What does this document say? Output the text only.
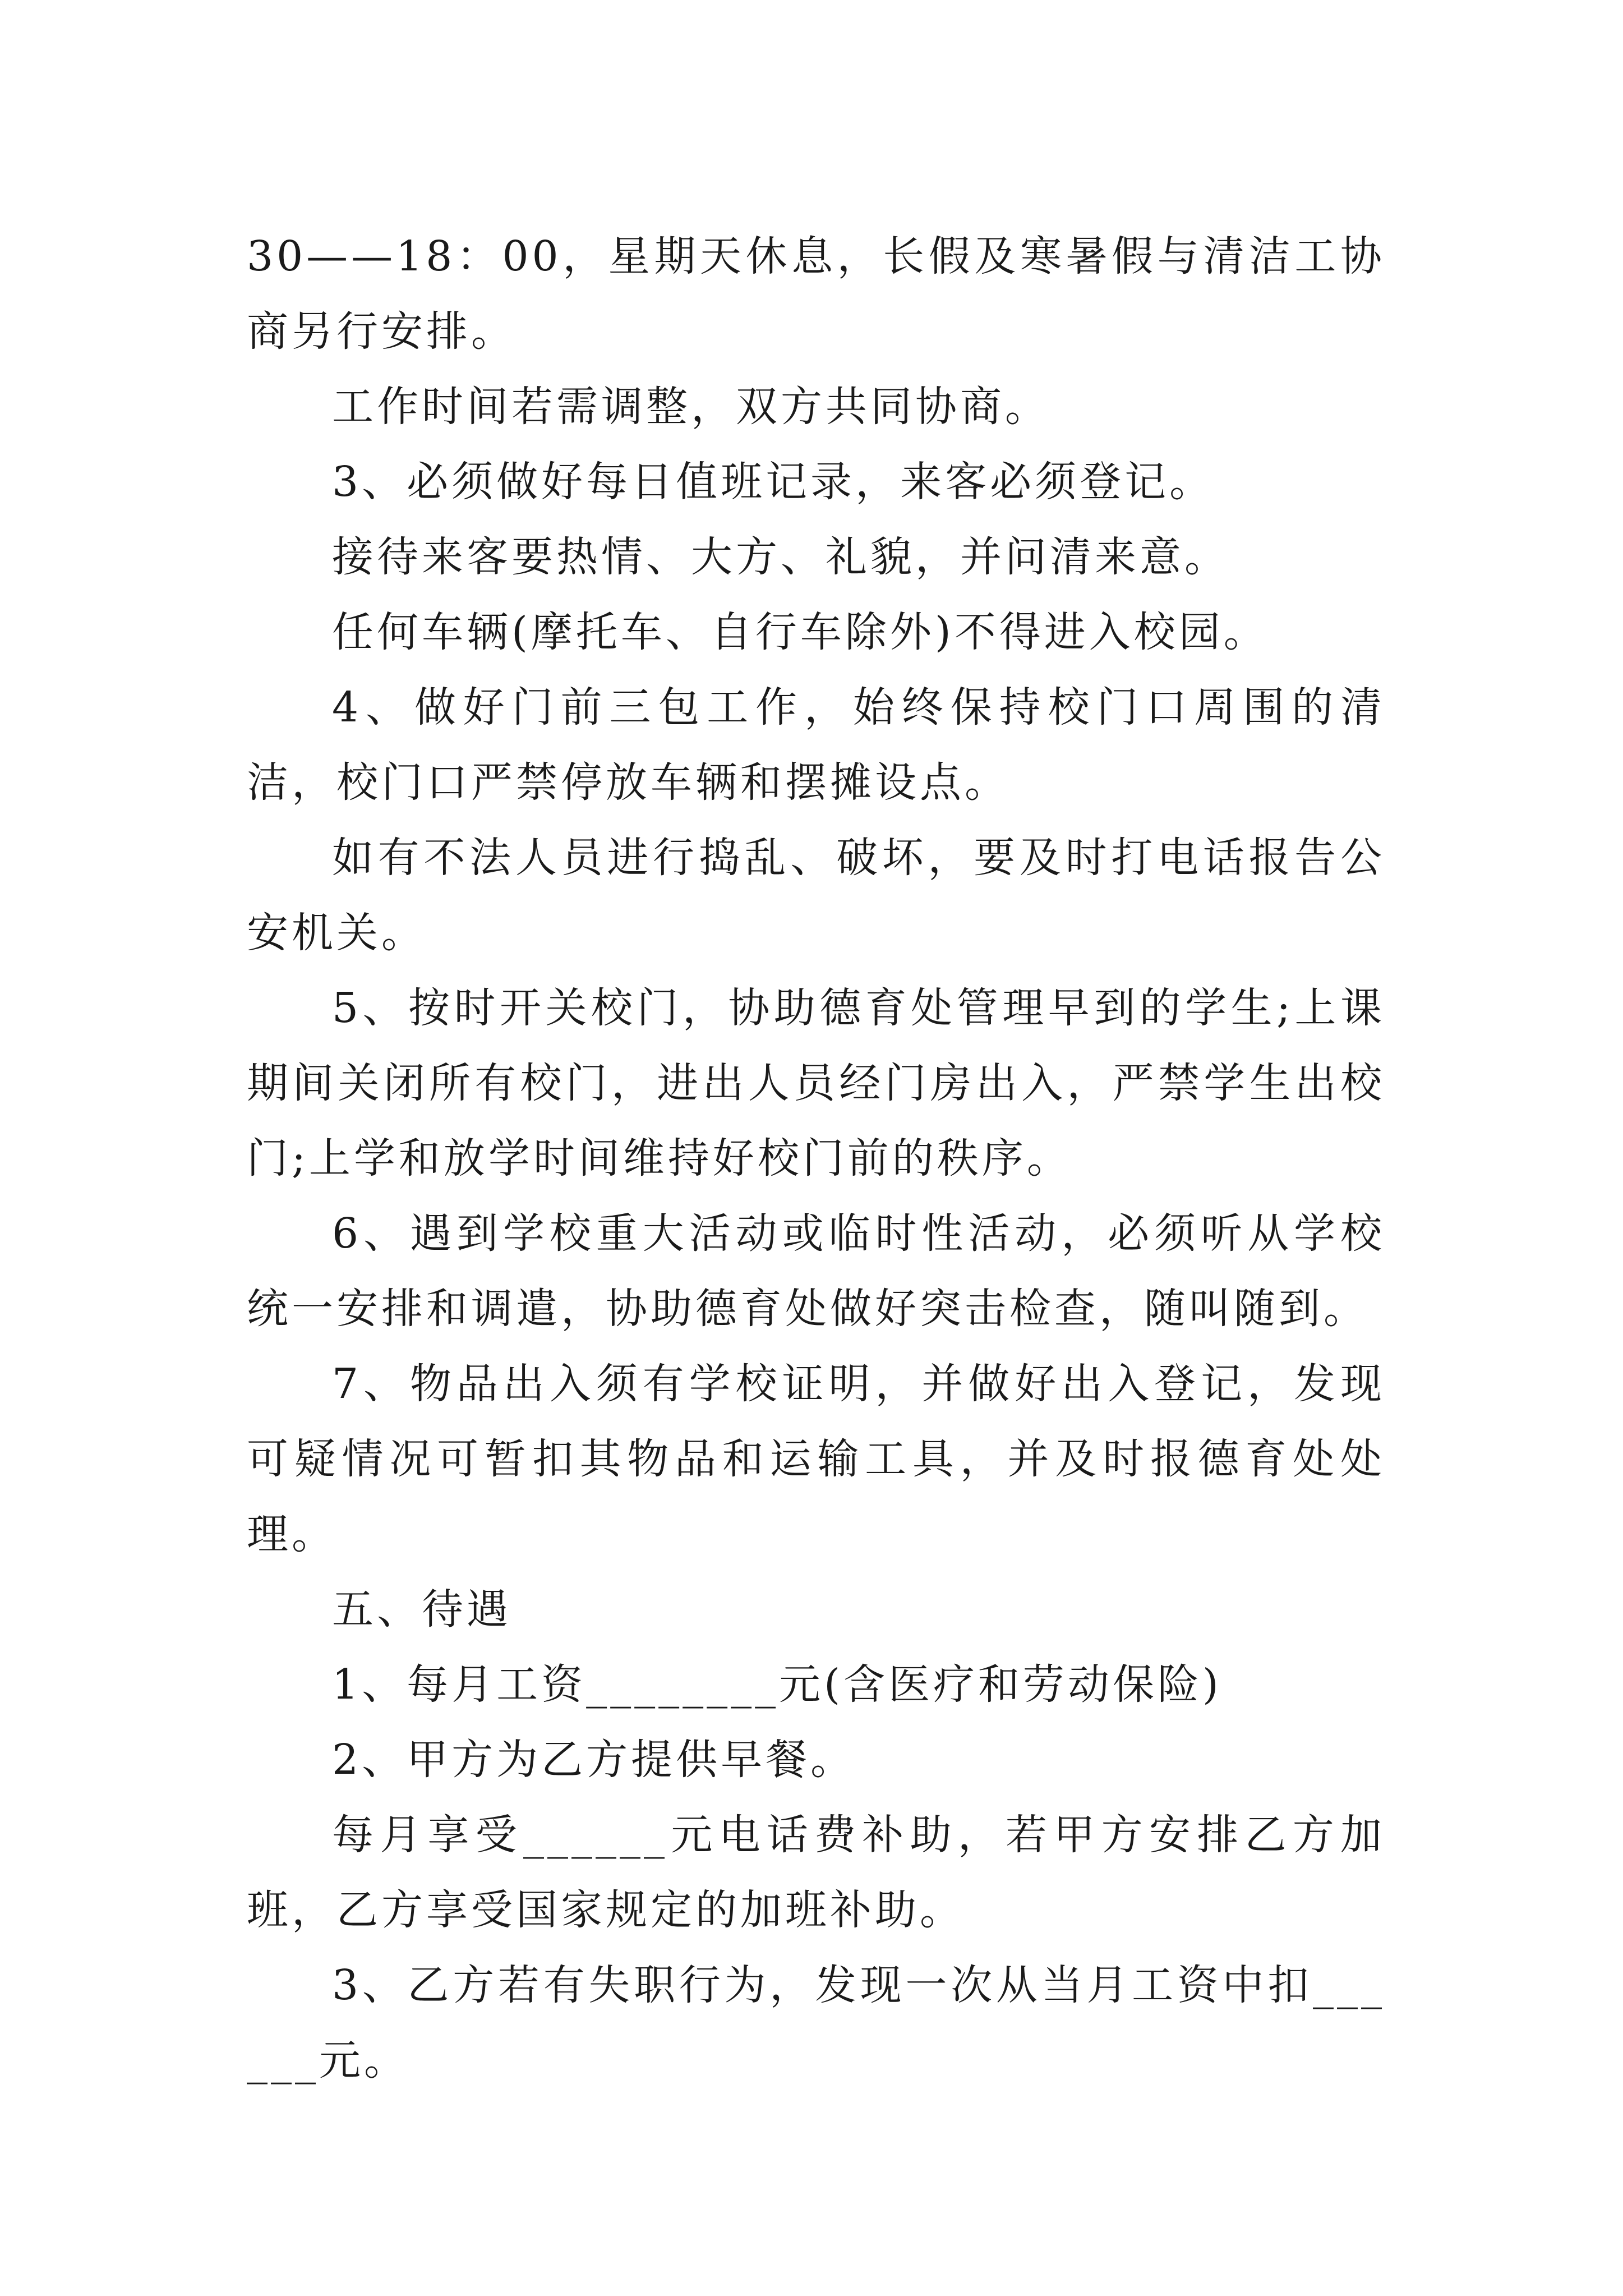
30——18：00，星期天休息，长假及寒暑假与清洁工协商另行安排。

工作时间若需调整，双方共同协商。

3、必须做好每日值班记录，来客必须登记。

接待来客要热情、大方、礼貌，并问清来意。

任何车辆(摩托车、自行车除外)不得进入校园。

4、做好门前三包工作，始终保持校门口周围的清洁，校门口严禁停放车辆和摆摊设点。

如有不法人员进行捣乱、破坏，要及时打电话报告公安机关。

5、按时开关校门，协助德育处管理早到的学生;上课期间关闭所有校门，进出人员经门房出入，严禁学生出校门;上学和放学时间维持好校门前的秩序。

6、遇到学校重大活动或临时性活动，必须听从学校统一安排和调遣，协助德育处做好突击检查，随叫随到。

7、物品出入须有学校证明，并做好出入登记，发现可疑情况可暂扣其物品和运输工具，并及时报德育处处理。

五、待遇

1、每月工资________元(含医疗和劳动保险)

2、甲方为乙方提供早餐。

每月享受______元电话费补助，若甲方安排乙方加班，乙方享受国家规定的加班补助。

3、乙方若有失职行为，发现一次从当月工资中扣______元。
